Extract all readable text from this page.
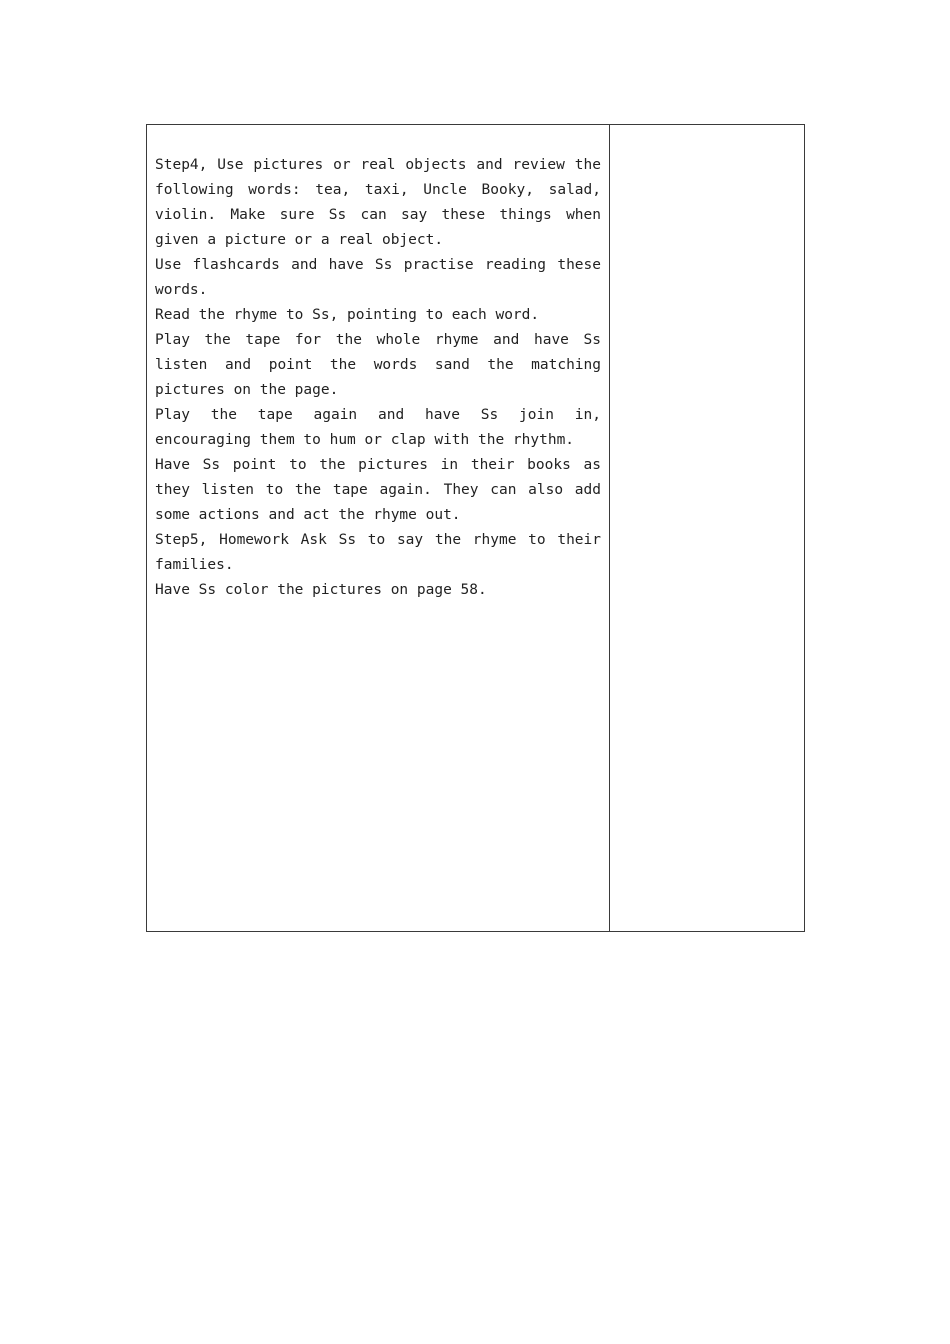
Step4, Use pictures or real objects and review the following words: tea, taxi, Uncle Booky, salad, violin. Make sure Ss can say these things when given a picture or a real object.

Use flashcards and have Ss practise reading these words.

Read the rhyme to Ss, pointing to each word.

Play the tape for the whole rhyme and have Ss listen and point the words sand the matching pictures on the page.

Play the tape again and have Ss join in, encouraging them to hum or clap with the rhythm.

Have Ss point to the pictures in their books as they listen to the tape again. They can also add some actions and act the rhyme out.

Step5, Homework Ask Ss to say the rhyme to their families.

Have Ss color the pictures on page 58.
